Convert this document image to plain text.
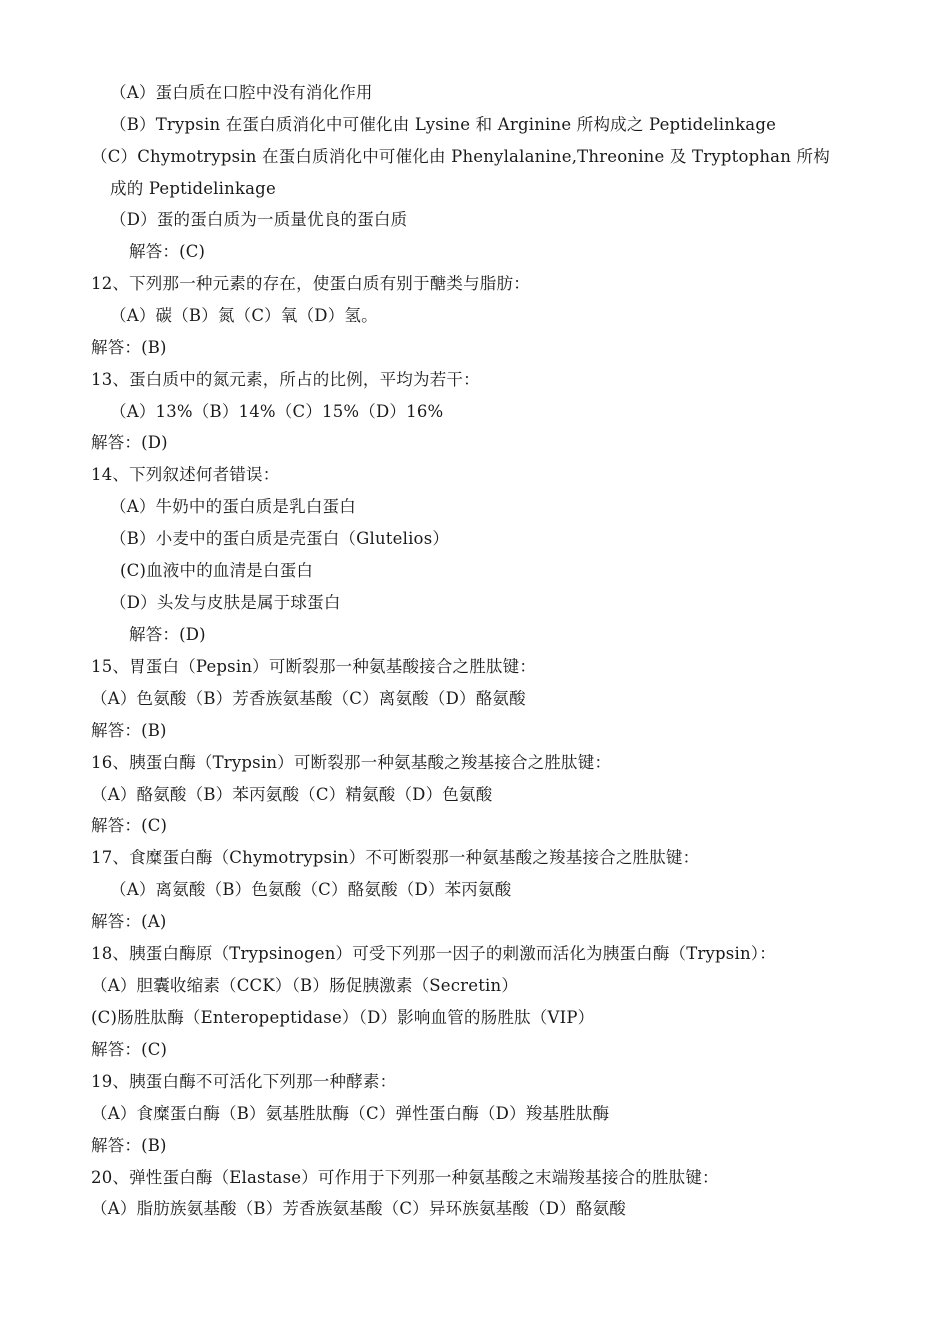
（A）蛋白质在口腔中没有消化作用
（B）Trypsin 在蛋白质消化中可催化由 Lysine 和 Arginine 所构成之 Peptidelinkage
（C）Chymotrypsin 在蛋白质消化中可催化由 Phenylalanine,Threonine 及 Tryptophan 所构
成的 Peptidelinkage
（D）蛋的蛋白质为一质量优良的蛋白质
解答：(C)
12、下列那一种元素的存在，使蛋白质有别于醣类与脂肪：
（A）碳（B）氮（C）氧（D）氢。
解答：(B)
13、蛋白质中的氮元素，所占的比例，平均为若干：
（A）13%（B）14%（C）15%（D）16%
解答：(D)
14、下列叙述何者错误：
（A）牛奶中的蛋白质是乳白蛋白
（B）小麦中的蛋白质是壳蛋白（Glutelios）
(C)血液中的血清是白蛋白
（D）头发与皮肤是属于球蛋白
解答：(D)
15、胃蛋白（Pepsin）可断裂那一种氨基酸接合之胜肽键：
（A）色氨酸（B）芳香族氨基酸（C）离氨酸（D）酪氨酸
解答：(B)
16、胰蛋白酶（Trypsin）可断裂那一种氨基酸之羧基接合之胜肽键：
（A）酪氨酸（B）苯丙氨酸（C）精氨酸（D）色氨酸
解答：(C)
17、食糜蛋白酶（Chymotrypsin）不可断裂那一种氨基酸之羧基接合之胜肽键：
（A）离氨酸（B）色氨酸（C）酪氨酸（D）苯丙氨酸
解答：(A)
18、胰蛋白酶原（Trypsinogen）可受下列那一因子的刺激而活化为胰蛋白酶（Trypsin）：
（A）胆囊收缩素（CCK）（B）肠促胰激素（Secretin）
(C)肠胜肽酶（Enteropeptidase）（D）影响血管的肠胜肽（VIP）
解答：(C)
19、胰蛋白酶不可活化下列那一种酵素：
（A）食糜蛋白酶（B）氨基胜肽酶（C）弹性蛋白酶（D）羧基胜肽酶
解答：(B)
20、弹性蛋白酶（Elastase）可作用于下列那一种氨基酸之末端羧基接合的胜肽键：
（A）脂肪族氨基酸（B）芳香族氨基酸（C）异环族氨基酸（D）酪氨酸
